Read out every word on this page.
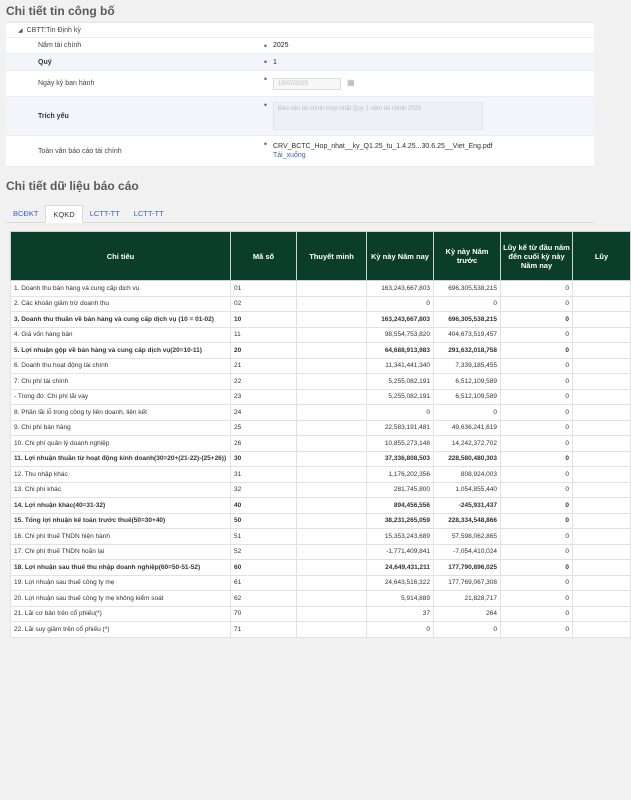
Chi tiết tin công bố
◢ CBTT:Tin Định kỳ
Năm tài chính	• 2025
Quý	• 1
Ngày ký ban hành	•	15/07/2025	▦
Trích yếu
•	Báo cáo tài chính Hợp nhất Quý 1 năm tài chính 2025
Toàn văn báo cáo tài chính
• CRV_BCTC_Hop_nhat__ky_Q1.25_tu_1.4.25...30.6.25__Viet_Eng.pdf
Tải_xuống
Chi tiết dữ liệu báo cáo
BCĐKT	KQKD	LCTT-TT	LCTT-TT
Chỉ tiêu	Mã số	Thuyết minh	Kỳ này Năm nay	Kỳ này Năm trước	Lũy kế từ đầu năm đến cuối kỳ này Năm nay	Lũy
1. Doanh thu bán hàng và cung cấp dịch vụ	01		163,243,667,803	696,305,538,215	0	
2. Các khoản giảm trừ doanh thu	02		0	0	0	
3. Doanh thu thuần về bán hàng và cung cấp dịch vụ (10 = 01-02)	10		163,243,667,803	696,305,538,215	0	
4. Giá vốn hàng bán	11		98,554,753,820	404,673,519,457	0	
5. Lợi nhuận gộp về bán hàng và cung cấp dịch vụ(20=10-11)	20		64,688,913,983	291,632,018,758	0	
6. Doanh thu hoạt động tài chính	21		11,341,441,340	7,339,185,455	0	
7. Chi phí tài chính	22		5,255,082,191	6,512,109,589	0	
- Trong đó: Chi phí lãi vay	23		5,255,082,191	6,512,109,589	0	
8. Phần lãi lỗ trong công ty liên doanh, liên kết	24		0	0	0	
9. Chi phí bán hàng	25		22,583,191,481	49,636,241,619	0	
10. Chi phí quản lý doanh nghiệp	26		10,855,273,148	14,242,372,702	0	
11. Lợi nhuận thuần từ hoạt động kinh doanh(30=20+(21-22)-(25+26))	30		37,336,808,503	228,580,480,303	0	
12. Thu nhập khác	31		1,176,202,356	808,924,003	0	
13. Chi phí khác	32		281,745,800	1,054,855,440	0	
14. Lợi nhuận khác(40=31-32)	40		894,456,556	-245,931,437	0	
15. Tổng lợi nhuận kế toán trước thuế(50=30+40)	50		38,231,265,059	228,334,548,866	0	
16. Chi phí thuế TNDN hiện hành	51		15,353,243,689	57,598,062,865	0	
17. Chi phí thuế TNDN hoãn lại	52		-1,771,409,841	-7,054,410,024	0	
18. Lợi nhuận sau thuế thu nhập doanh nghiệp(60=50-51-52)	60		24,649,431,211	177,790,896,025	0	
19. Lợi nhuận sau thuế công ty mẹ	61		24,643,516,322	177,769,067,308	0	
20. Lợi nhuận sau thuế công ty mẹ không kiểm soát	62		5,914,889	21,828,717	0	
21. Lãi cơ bản trên cổ phiếu(*)	70		37	264	0	
22. Lãi suy giảm trên cổ phiếu (*)	71		0	0	0	
